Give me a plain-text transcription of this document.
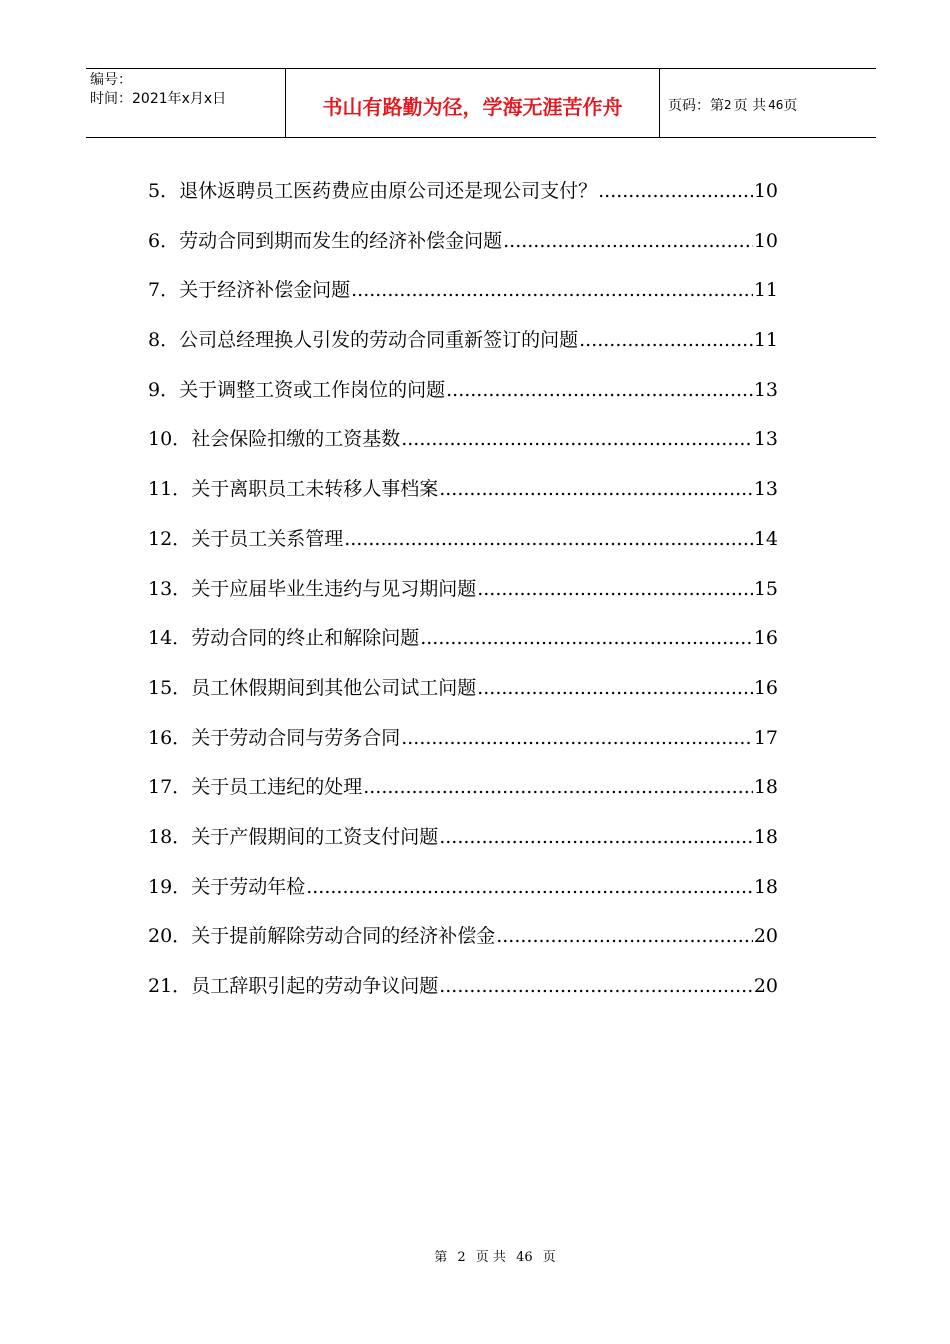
编号：
时间：2021年x月x日	书山有路勤为径，学海无涯苦作舟	页码：第 2 页 共 46 页
5． 退休返聘员工医药费应由原公司还是现公司支付？ .....	10
6． 劳动合同到期而发生的经济补偿金问题 .....	10
7． 关于经济补偿金问题 .....	11
8． 公司总经理换人引发的劳动合同重新签订的问题 .....	11
9． 关于调整工资或工作岗位的问题 .....	13
10． 社会保险扣缴的工资基数 .....	13
11． 关于离职员工未转移人事档案 .....	13
12． 关于员工关系管理 .....	14
13． 关于应届毕业生违约与见习期问题 .....	15
14． 劳动合同的终止和解除问题 .....	16
15． 员工休假期间到其他公司试工问题 .....	16
16． 关于劳动合同与劳务合同 .....	17
17． 关于员工违纪的处理 .....	18
18． 关于产假期间的工资支付问题 .....	18
19． 关于劳动年检 .....	18
20． 关于提前解除劳动合同的经济补偿金 .....	20
21． 员工辞职引起的劳动争议问题 .....	20
第 2 页 共 46 页
